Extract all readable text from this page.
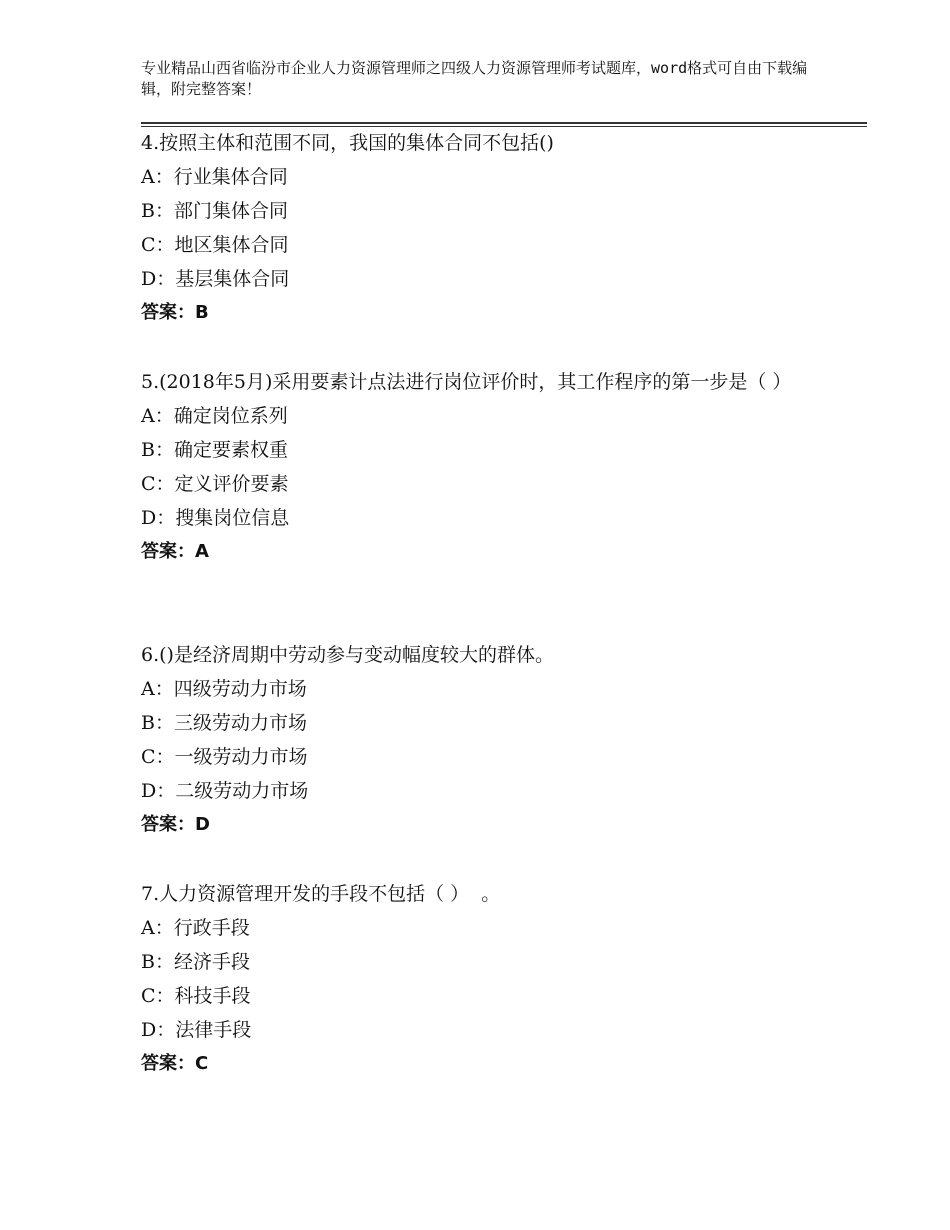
专业精品山西省临汾市企业人力资源管理师之四级人力资源管理师考试题库，word格式可自由下载编辑，附完整答案！
4.按照主体和范围不同，我国的集体合同不包括()
A：行业集体合同
B：部门集体合同
C：地区集体合同
D：基层集体合同
答案：B
5.(2018年5月)采用要素计点法进行岗位评价时，其工作程序的第一步是（ ）
A：确定岗位系列
B：确定要素权重
C：定义评价要素
D：搜集岗位信息
答案：A
6.()是经济周期中劳动参与变动幅度较大的群体。
A：四级劳动力市场
B：三级劳动力市场
C：一级劳动力市场
D：二级劳动力市场
答案：D
7.人力资源管理开发的手段不包括（ ）  。
A：行政手段
B：经济手段
C：科技手段
D：法律手段
答案：C
